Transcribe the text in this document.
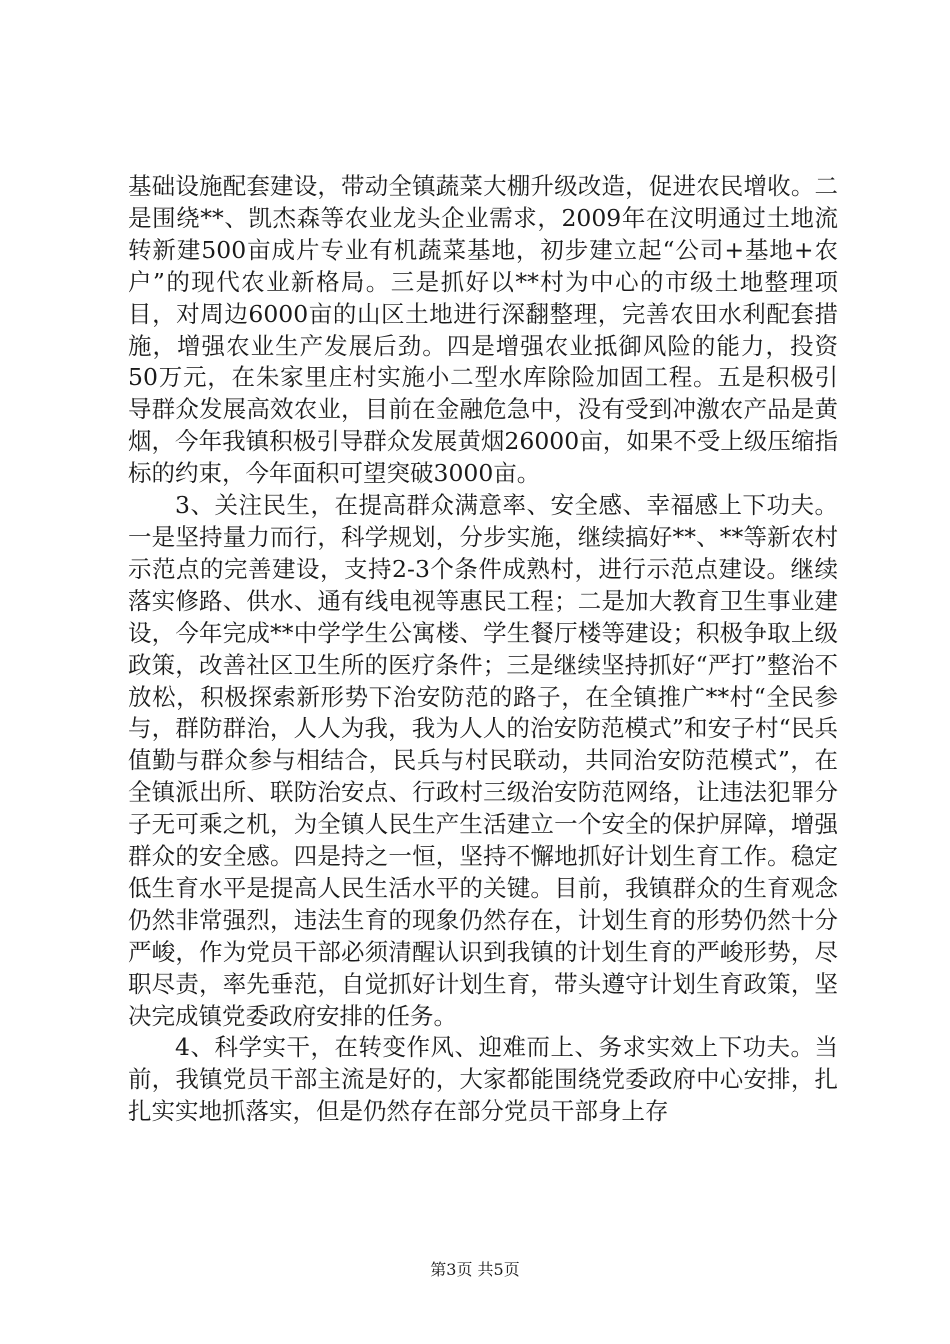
基础设施配套建设，带动全镇蔬菜大棚升级改造，促进农民增收。二是围绕**、凯杰森等农业龙头企业需求，2009年在汶明通过土地流转新建500亩成片专业有机蔬菜基地，初步建立起“公司+基地+农户”的现代农业新格局。三是抓好以**村为中心的市级土地整理项目，对周边6000亩的山区土地进行深翻整理，完善农田水利配套措施，增强农业生产发展后劲。四是增强农业抵御风险的能力，投资50万元，在朱家里庄村实施小二型水库除险加固工程。五是积极引导群众发展高效农业，目前在金融危急中，没有受到冲激农产品是黄烟，今年我镇积极引导群众发展黄烟26000亩，如果不受上级压缩指标的约束，今年面积可望突破3000亩。

3、关注民生，在提高群众满意率、安全感、幸福感上下功夫。一是坚持量力而行，科学规划，分步实施，继续搞好**、**等新农村示范点的完善建设，支持2-3个条件成熟村，进行示范点建设。继续落实修路、供水、通有线电视等惠民工程；二是加大教育卫生事业建设，今年完成**中学学生公寓楼、学生餐厅楼等建设；积极争取上级政策，改善社区卫生所的医疗条件；三是继续坚持抓好“严打”整治不放松，积极探索新形势下治安防范的路子，在全镇推广**村“全民参与，群防群治，人人为我，我为人人的治安防范模式”和安子村“民兵值勤与群众参与相结合，民兵与村民联动，共同治安防范模式”，在全镇派出所、联防治安点、行政村三级治安防范网络，让违法犯罪分子无可乘之机，为全镇人民生产生活建立一个安全的保护屏障，增强群众的安全感。四是持之一恒，坚持不懈地抓好计划生育工作。稳定低生育水平是提高人民生活水平的关键。目前，我镇群众的生育观念仍然非常强烈，违法生育的现象仍然存在，计划生育的形势仍然十分严峻，作为党员干部必须清醒认识到我镇的计划生育的严峻形势，尽职尽责，率先垂范，自觉抓好计划生育，带头遵守计划生育政策，坚决完成镇党委政府安排的任务。

4、科学实干，在转变作风、迎难而上、务求实效上下功夫。当前，我镇党员干部主流是好的，大家都能围绕党委政府中心安排，扎扎实实地抓落实，但是仍然存在部分党员干部身上存

第3页 共5页
